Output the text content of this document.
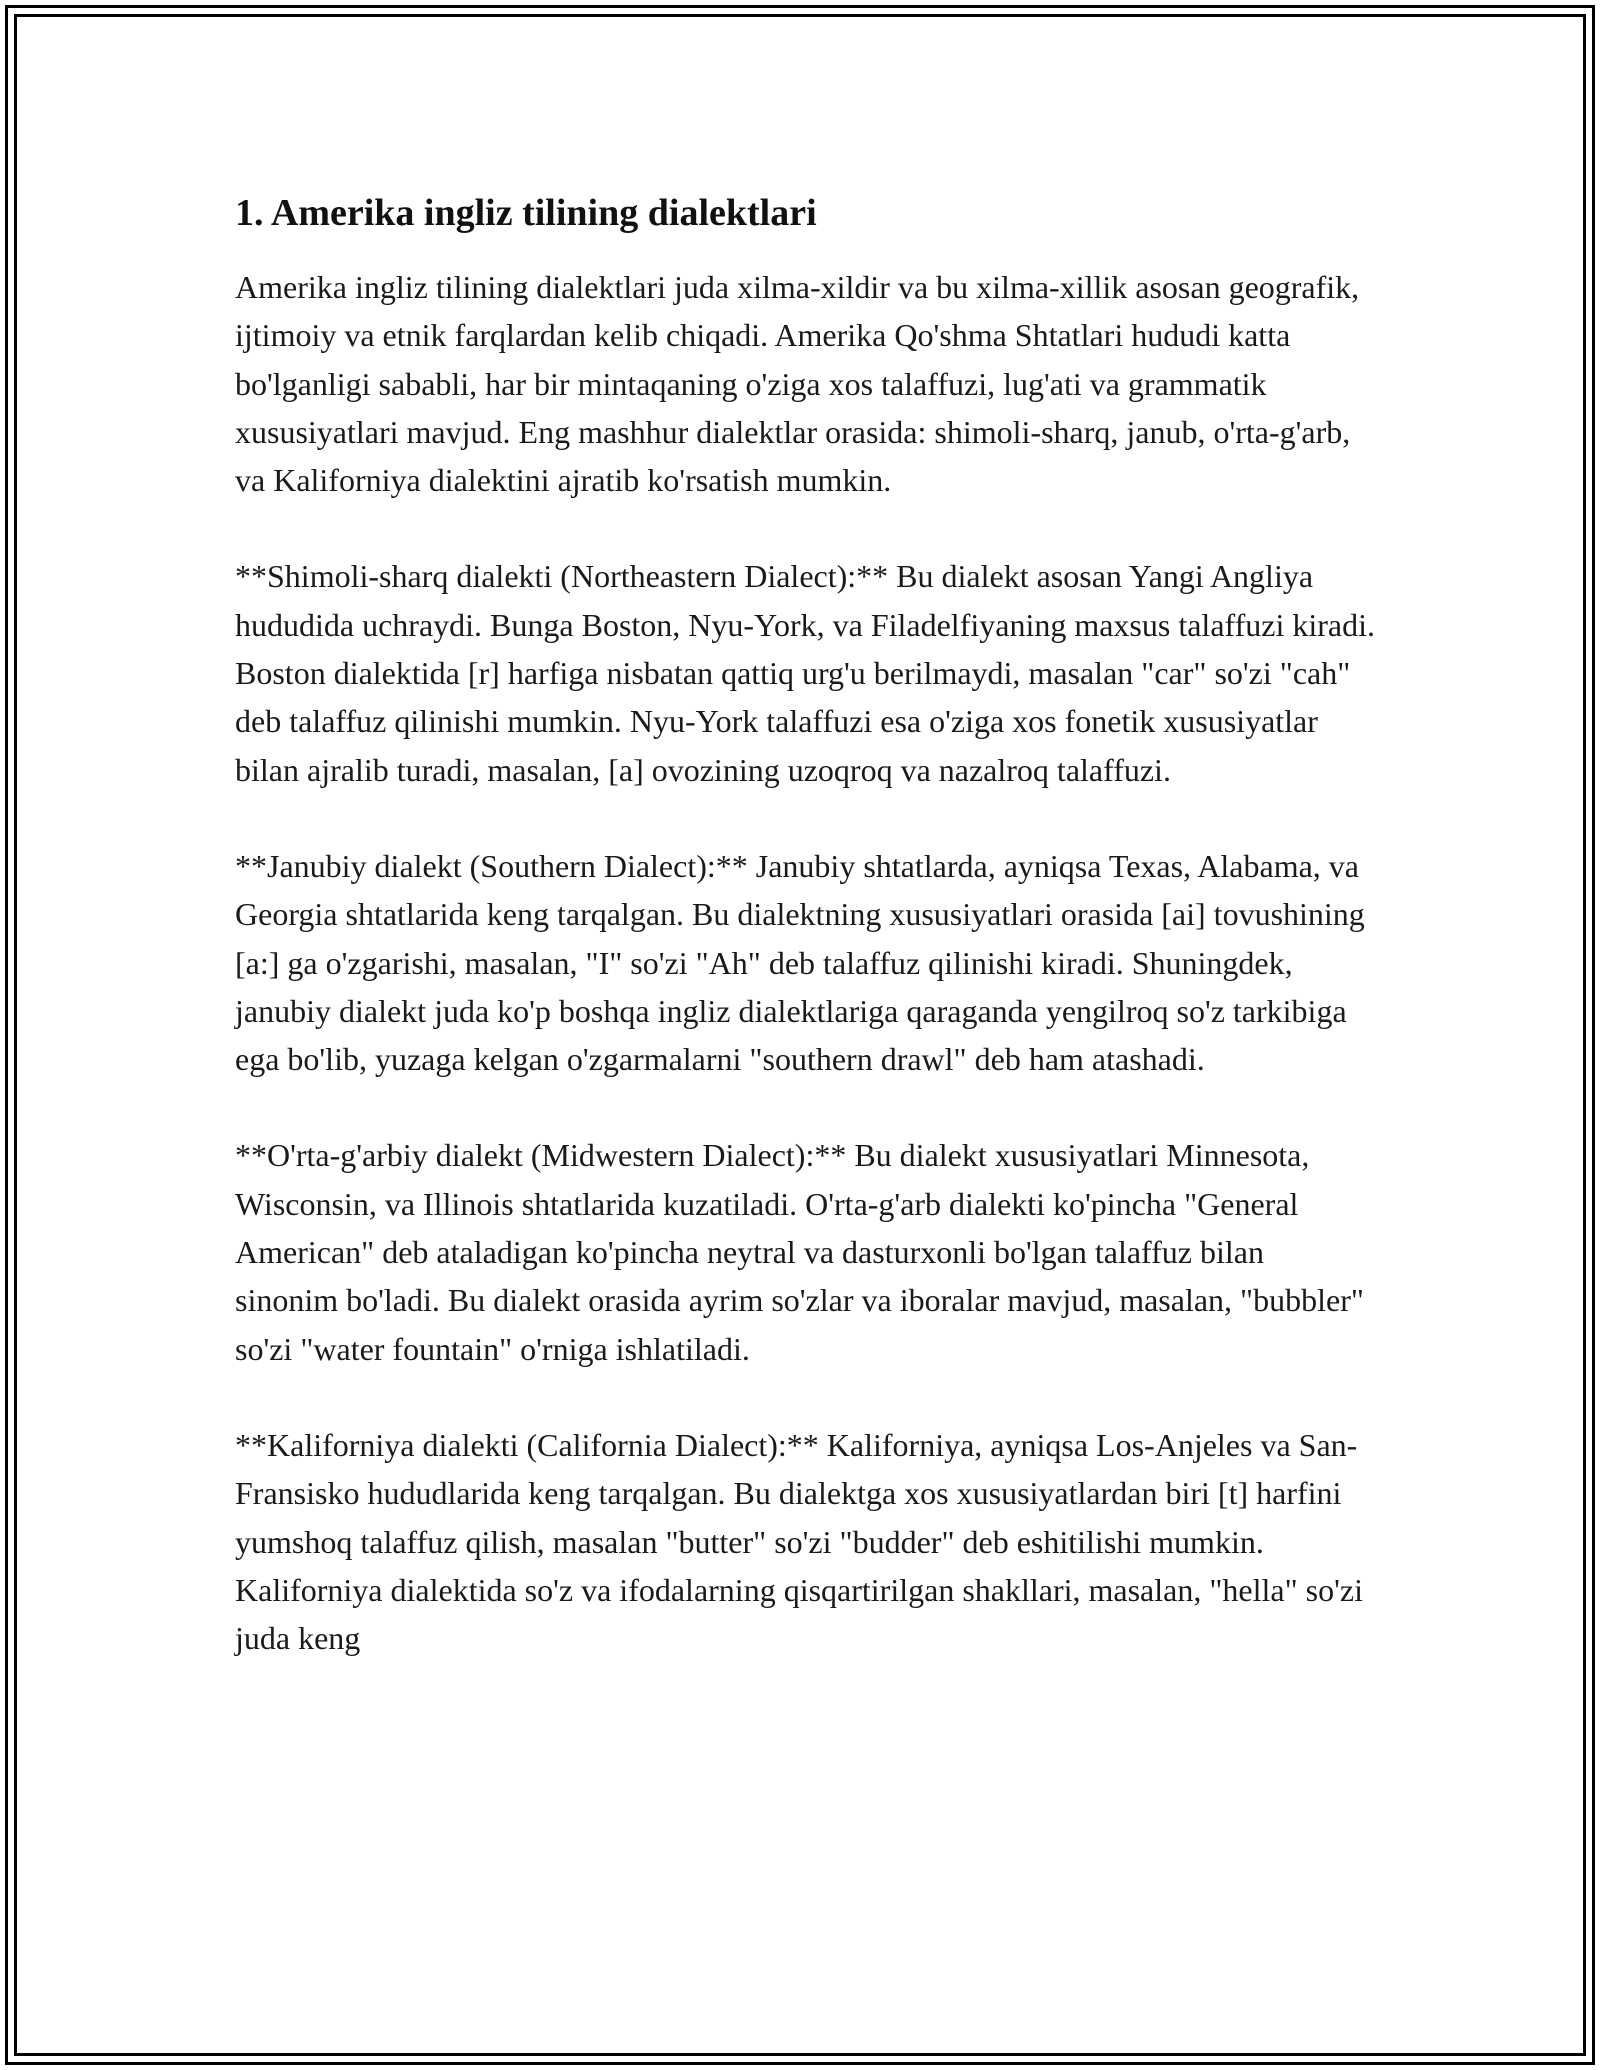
1. Amerika ingliz tilining dialektlari

Amerika ingliz tilining dialektlari juda xilma-xildir va bu xilma-xillik asosan geografik, ijtimoiy va etnik farqlardan kelib chiqadi. Amerika Qo'shma Shtatlari hududi katta bo'lganligi sababli, har bir mintaqaning o'ziga xos talaffuzi, lug'ati va grammatik xususiyatlari mavjud. Eng mashhur dialektlar orasida: shimoli-sharq, janub, o'rta-g'arb, va Kaliforniya dialektini ajratib ko'rsatish mumkin.

**Shimoli-sharq dialekti (Northeastern Dialect):** Bu dialekt asosan Yangi Angliya hududida uchraydi. Bunga Boston, Nyu-York, va Filadelfiyaning maxsus talaffuzi kiradi. Boston dialektida [r] harfiga nisbatan qattiq urg'u berilmaydi, masalan "car" so'zi "cah" deb talaffuz qilinishi mumkin. Nyu-York talaffuzi esa o'ziga xos fonetik xususiyatlar bilan ajralib turadi, masalan, [a] ovozining uzoqroq va nazalroq talaffuzi.

**Janubiy dialekt (Southern Dialect):** Janubiy shtatlarda, ayniqsa Texas, Alabama, va Georgia shtatlarida keng tarqalgan. Bu dialektning xususiyatlari orasida [ai] tovushining [a:] ga o'zgarishi, masalan, "I" so'zi "Ah" deb talaffuz qilinishi kiradi. Shuningdek, janubiy dialekt juda ko'p boshqa ingliz dialektlariga qaraganda yengilroq so'z tarkibiga ega bo'lib, yuzaga kelgan o'zgarmalarni "southern drawl" deb ham atashadi.

**O'rta-g'arbiy dialekt (Midwestern Dialect):** Bu dialekt xususiyatlari Minnesota, Wisconsin, va Illinois shtatlarida kuzatiladi. O'rta-g'arb dialekti ko'pincha "General American" deb ataladigan ko'pincha neytral va dasturxonli bo'lgan talaffuz bilan sinonim bo'ladi. Bu dialekt orasida ayrim so'zlar va iboralar mavjud, masalan, "bubbler" so'zi "water fountain" o'rniga ishlatiladi.

**Kaliforniya dialekti (California Dialect):** Kaliforniya, ayniqsa Los-Anjeles va San-Fransisko hududlarida keng tarqalgan. Bu dialektga xos xususiyatlardan biri [t] harfini yumshoq talaffuz qilish, masalan "butter" so'zi "budder" deb eshitilishi mumkin. Kaliforniya dialektida so'z va ifodalarning qisqartirilgan shakllari, masalan, "hella" so'zi juda keng
